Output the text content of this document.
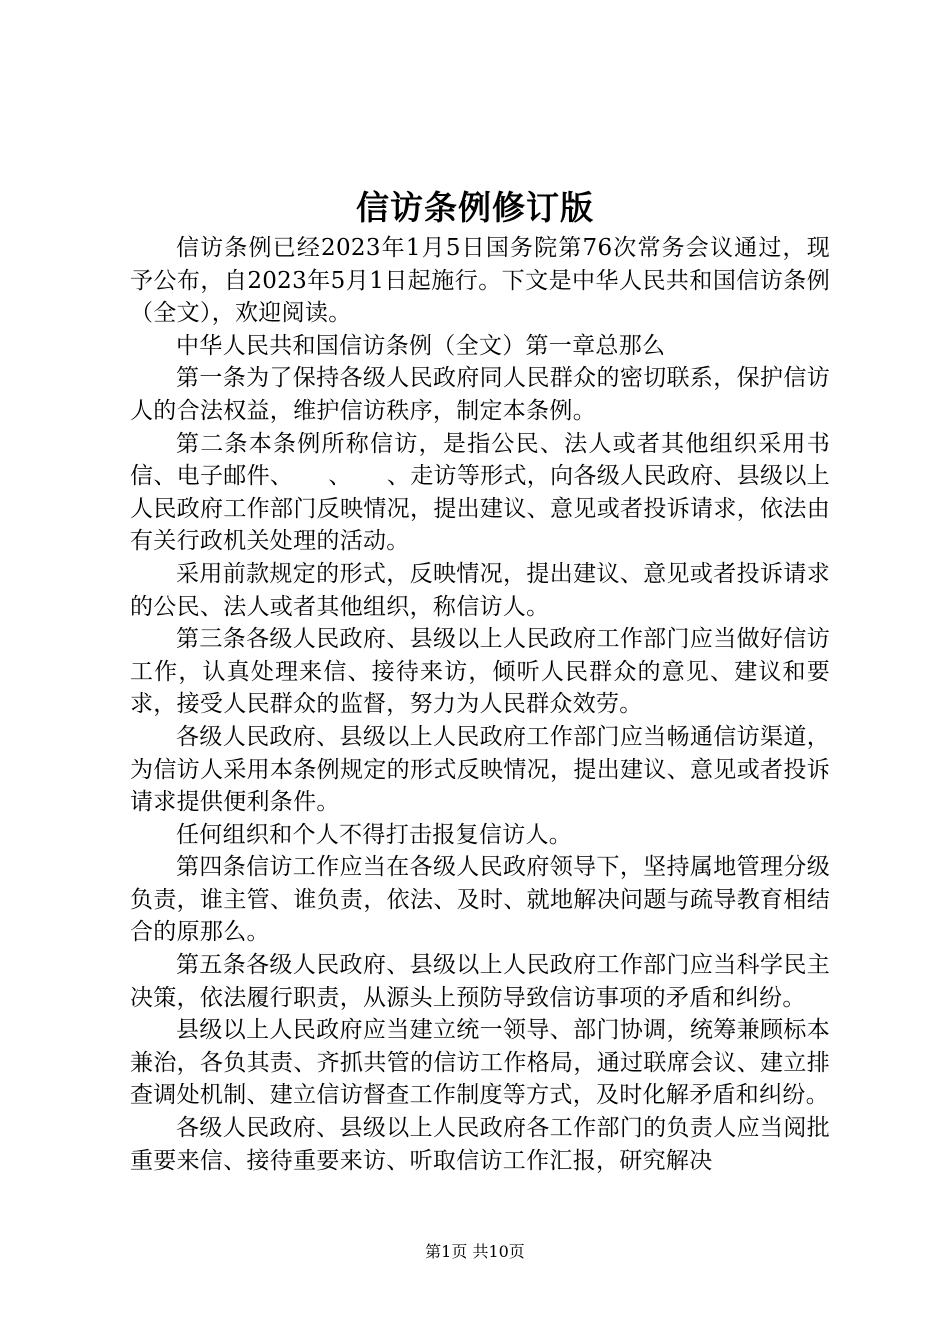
信访条例修订版

信访条例已经2023年1月5日国务院第76次常务会议通过，现予公布，自2023年5月1日起施行。下文是中华人民共和国信访条例（全文），欢迎阅读。

中华人民共和国信访条例（全文）第一章总那么

第一条为了保持各级人民政府同人民群众的密切联系，保护信访人的合法权益，维护信访秩序，制定本条例。

第二条本条例所称信访，是指公民、法人或者其他组织采用书信、电子邮件、　　、　　、走访等形式，向各级人民政府、县级以上人民政府工作部门反映情况，提出建议、意见或者投诉请求，依法由有关行政机关处理的活动。

采用前款规定的形式，反映情况，提出建议、意见或者投诉请求的公民、法人或者其他组织，称信访人。

第三条各级人民政府、县级以上人民政府工作部门应当做好信访工作，认真处理来信、接待来访，倾听人民群众的意见、建议和要求，接受人民群众的监督，努力为人民群众效劳。

各级人民政府、县级以上人民政府工作部门应当畅通信访渠道，为信访人采用本条例规定的形式反映情况，提出建议、意见或者投诉请求提供便利条件。

任何组织和个人不得打击报复信访人。

第四条信访工作应当在各级人民政府领导下，坚持属地管理分级负责，谁主管、谁负责，依法、及时、就地解决问题与疏导教育相结合的原那么。

第五条各级人民政府、县级以上人民政府工作部门应当科学民主决策，依法履行职责，从源头上预防导致信访事项的矛盾和纠纷。

县级以上人民政府应当建立统一领导、部门协调，统筹兼顾标本兼治，各负其责、齐抓共管的信访工作格局，通过联席会议、建立排查调处机制、建立信访督查工作制度等方式，及时化解矛盾和纠纷。

各级人民政府、县级以上人民政府各工作部门的负责人应当阅批重要来信、接待重要来访、听取信访工作汇报，研究解决

第1页 共10页
